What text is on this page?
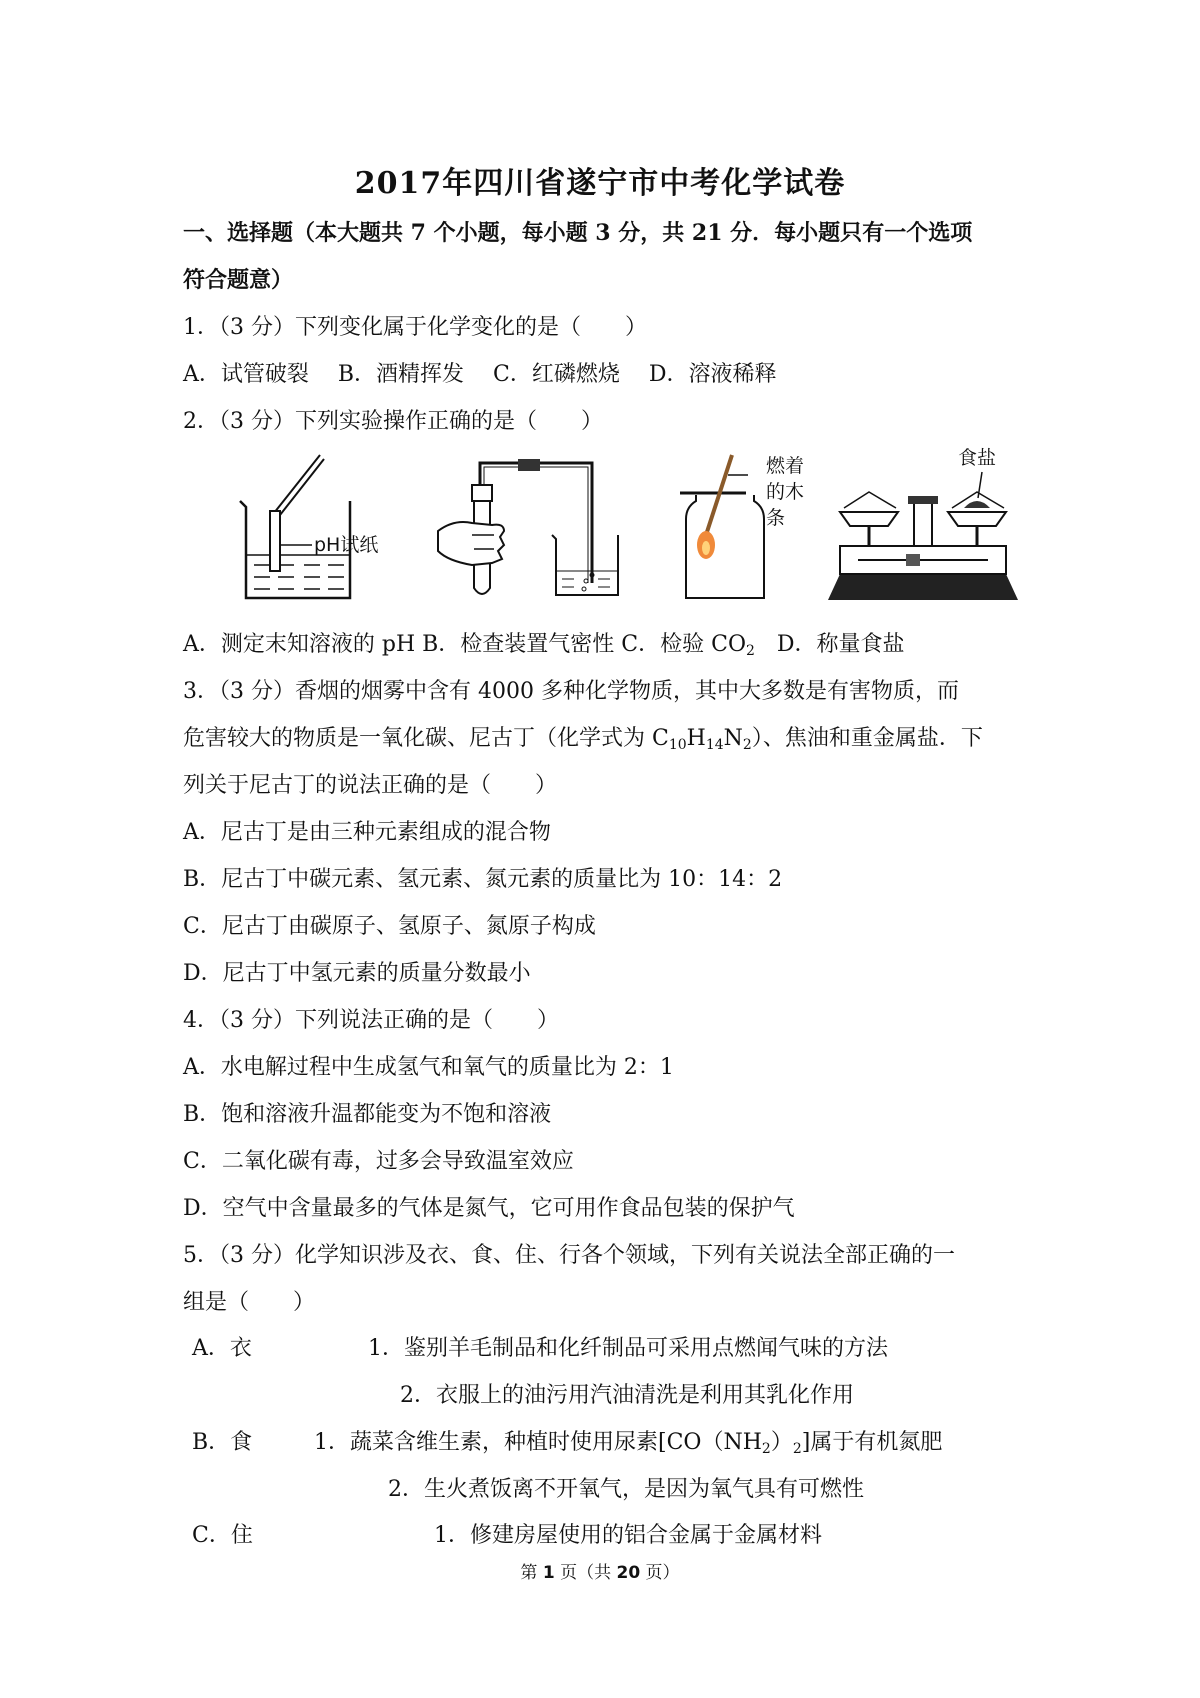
2017年四川省遂宁市中考化学试卷
一、选择题（本大题共 7 个小题，每小题 3 分，共 21 分．每小题只有一个选项
符合题意）
1．（3 分）下列变化属于化学变化的是（　　）
A．试管破裂　 B．酒精挥发　 C．红磷燃烧　 D．溶液稀释
2．（3 分）下列实验操作正确的是（　　）
pH试纸
燃着
的木
条
食盐
A．测定末知溶液的 pH B．检查装置气密性 C．检验 $CO_2$　D．称量食盐
3．（3 分）香烟的烟雾中含有 4000 多种化学物质，其中大多数是有害物质，而
危害较大的物质是一氧化碳、尼古丁（化学式为 $C_{10}H_{14}N_2$）、焦油和重金属盐．下
列关于尼古丁的说法正确的是（　　）
A．尼古丁是由三种元素组成的混合物
B．尼古丁中碳元素、氢元素、氮元素的质量比为 10：14：2
C．尼古丁由碳原子、氢原子、氮原子构成
D．尼古丁中氢元素的质量分数最小
4．（3 分）下列说法正确的是（　　）
A．水电解过程中生成氢气和氧气的质量比为 2：1
B．饱和溶液升温都能变为不饱和溶液
C．二氧化碳有毒，过多会导致温室效应
D．空气中含量最多的气体是氮气，它可用作食品包装的保护气
5．（3 分）化学知识涉及衣、食、住、行各个领域，下列有关说法全部正确的一
组是（　　）
A．衣	1．鉴别羊毛制品和化纤制品可采用点燃闻气味的方法
2．衣服上的油污用汽油清洗是利用其乳化作用
B．食	1．蔬菜含维生素，种植时使用尿素$[CO(NH_2)_2]$属于有机氮肥
2．生火煮饭离不开氧气，是因为氧气具有可燃性
C．住	1．修建房屋使用的铝合金属于金属材料
第 1 页（共 20 页）
